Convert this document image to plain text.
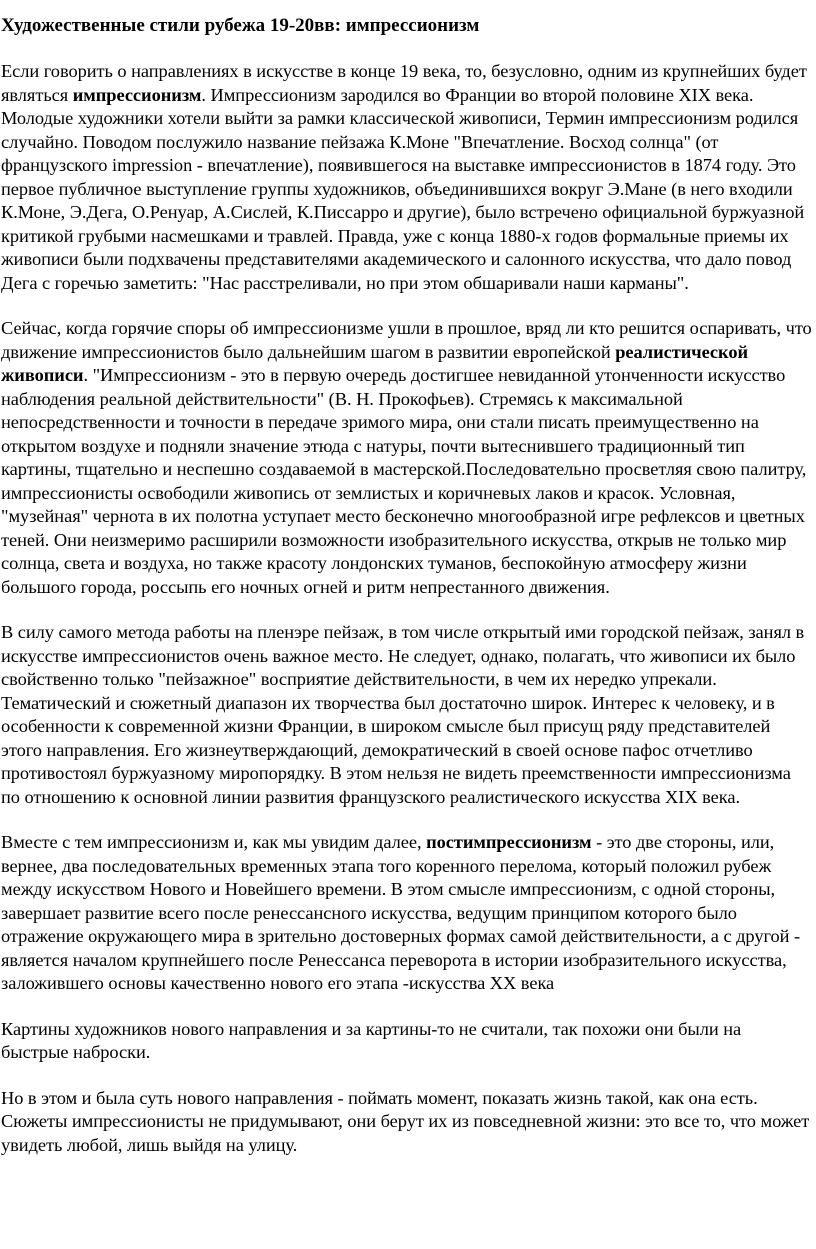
Художественные стили рубежа 19-20вв: импрессионизм

Если говорить о направлениях в искусстве в конце 19 века, то, безусловно, одним из крупнейших будет являться импрессионизм. Импрессионизм зародился во Франции во второй половине XIX века. Молодые художники хотели выйти за рамки классической живописи, Термин импрессионизм родился случайно. Поводом послужило название пейзажа К.Моне "Впечатление. Восход солнца" (от французского impression - впечатление), появившегося на выставке импрессионистов в 1874 году. Это первое публичное выступление группы художников, объединившихся вокруг Э.Мане (в него входили К.Моне, Э.Дега, О.Ренуар, А.Сислей, К.Писсарро и другие), было встречено официальной буржуазной критикой грубыми насмешками и травлей. Правда, уже с конца 1880-х годов формальные приемы их живописи были подхвачены представителями академического и салонного искусства, что дало повод Дега с горечью заметить: "Нас расстреливали, но при этом обшаривали наши карманы".

Сейчас, когда горячие споры об импрессионизме ушли в прошлое, вряд ли кто решится оспаривать, что движение импрессионистов было дальнейшим шагом в развитии европейской реалистической живописи. "Импрессионизм - это в первую очередь достигшее невиданной утонченности искусство наблюдения реальной действительности" (В. Н. Прокофьев). Стремясь к максимальной непосредственности и точности в передаче зримого мира, они стали писать преимущественно на открытом воздухе и подняли значение этюда с натуры, почти вытеснившего традиционный тип картины, тщательно и неспешно создаваемой в мастерской.Последовательно просветляя свою палитру, импрессионисты освободили живопись от землистых и коричневых лаков и красок. Условная, "музейная" чернота в их полотна уступает место бесконечно многообразной игре рефлексов и цветных теней. Они неизмеримо расширили возможности изобразительного искусства, открыв не только мир солнца, света и воздуха, но также красоту лондонских туманов, беспокойную атмосферу жизни большого города, россыпь его ночных огней и ритм непрестанного движения.

В силу самого метода работы на пленэре пейзаж, в том числе открытый ими городской пейзаж, занял в искусстве импрессионистов очень важное место. Не следует, однако, полагать, что живописи их было свойственно только "пейзажное" восприятие действительности, в чем их нередко упрекали. Тематический и сюжетный диапазон их творчества был достаточно широк. Интерес к человеку, и в особенности к современной жизни Франции, в широком смысле был присущ ряду представителей этого направления. Его жизнеутверждающий, демократический в своей основе пафос отчетливо противостоял буржуазному миропорядку. В этом нельзя не видеть преемственности импрессионизма по отношению к основной линии развития французского реалистического искусства XIX века.

Вместе с тем импрессионизм и, как мы увидим далее, постимпрессионизм - это две стороны, или, вернее, два последовательных временных этапа того коренного перелома, который положил рубеж между искусством Нового и Новейшего времени. В этом смысле импрессионизм, с одной стороны, завершает развитие всего после ренессансного искусства, ведущим принципом которого было отражение окружающего мира в зрительно достоверных формах самой действительности, а с другой - является началом крупнейшего после Ренессанса переворота в истории изобразительного искусства, заложившего основы качественно нового его этапа -искусства XX века

Картины художников нового направления и за картины-то не считали, так похожи они были на быстрые наброски.

Но в этом и была суть нового направления - поймать момент, показать жизнь такой, как она есть. Сюжеты импрессионисты не придумывают, они берут их из повседневной жизни: это все то, что может увидеть любой, лишь выйдя на улицу.
